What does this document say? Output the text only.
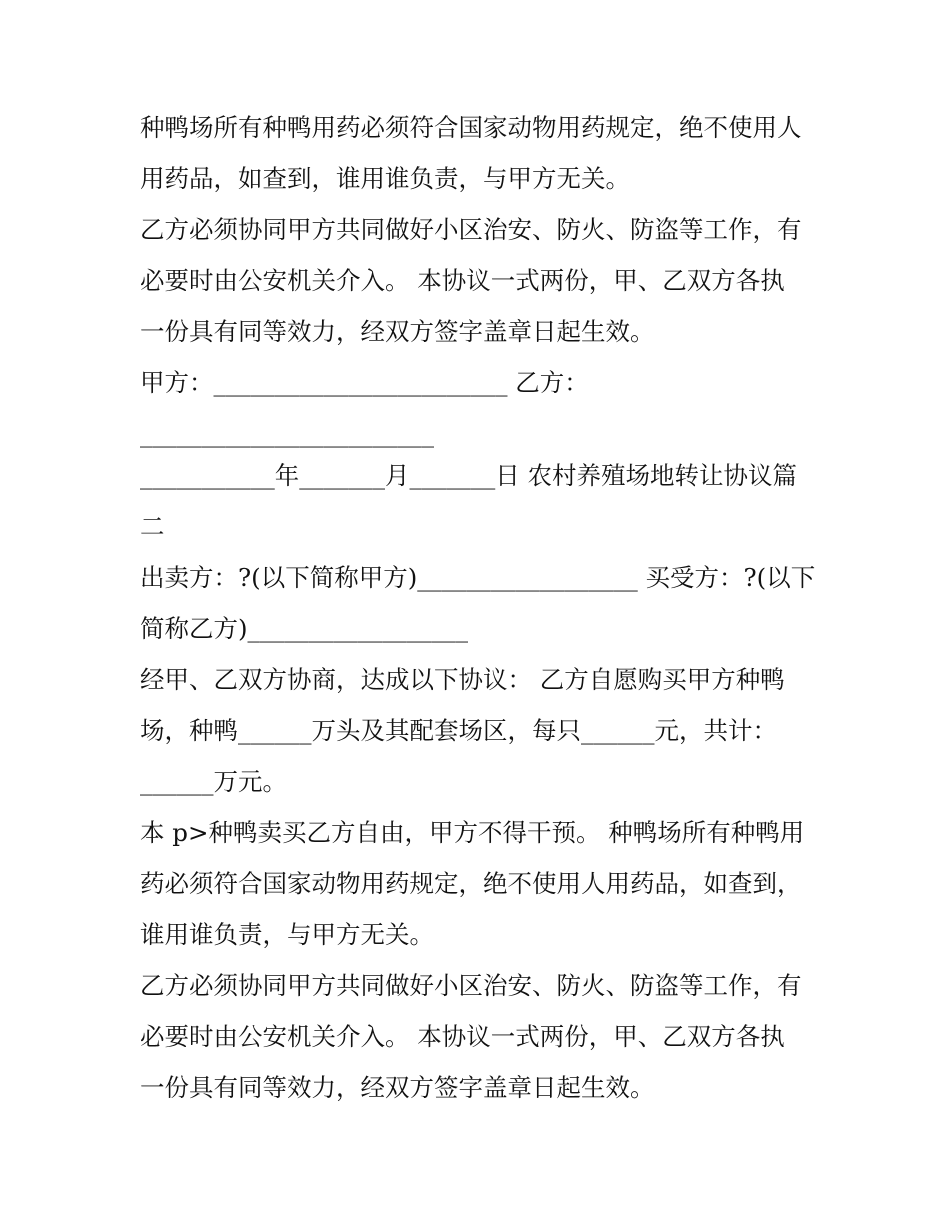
种鸭场所有种鸭用药必须符合国家动物用药规定，绝不使用人
用药品，如查到，谁用谁负责，与甲方无关。
乙方必须协同甲方共同做好小区治安、防火、防盗等工作，有
必要时由公安机关介入。 本协议一式两份，甲、乙双方各执
一份具有同等效力，经双方签字盖章日起生效。
甲方：________________________ 乙方：
________________________
___________年_______月_______日 农村养殖场地转让协议篇
二
出卖方：?(以下简称甲方)__________________ 买受方：?(以下
简称乙方)__________________
经甲、乙双方协商，达成以下协议： 乙方自愿购买甲方种鸭
场，种鸭______万头及其配套场区，每只______元，共计：
______万元。
本 p>种鸭卖买乙方自由，甲方不得干预。 种鸭场所有种鸭用
药必须符合国家动物用药规定，绝不使用人用药品，如查到，
谁用谁负责，与甲方无关。
乙方必须协同甲方共同做好小区治安、防火、防盗等工作，有
必要时由公安机关介入。 本协议一式两份，甲、乙双方各执
一份具有同等效力，经双方签字盖章日起生效。
